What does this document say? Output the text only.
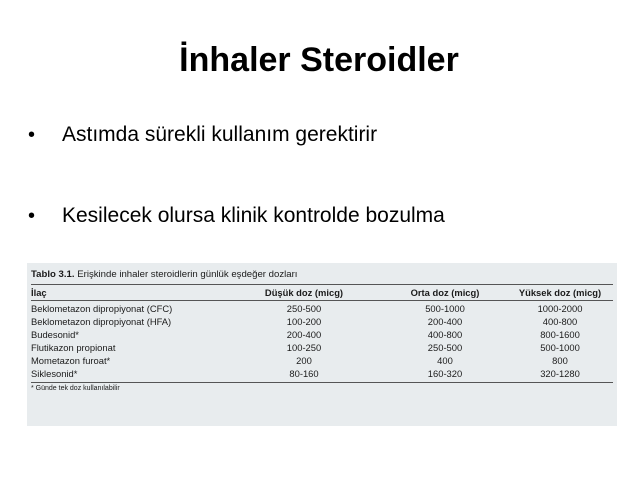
İnhaler Steroidler
• Astımda sürekli kullanım gerektirir
• Kesilecek olursa klinik kontrolde bozulma
Tablo 3.1. Erişkinde inhaler steroidlerin günlük eşdeğer dozları
İlaç	Düşük doz (micg)	Orta doz (micg)	Yüksek doz (micg)
Beklometazon dipropiyonat (CFC)	250-500	500-1000	1000-2000
Beklometazon dipropiyonat (HFA)	100-200	200-400	400-800
Budesonid*	200-400	400-800	800-1600
Flutikazon propionat	100-250	250-500	500-1000
Mometazon furoat*	200	400	800
Siklesonid*	80-160	160-320	320-1280
* Günde tek doz kullanılabilir
